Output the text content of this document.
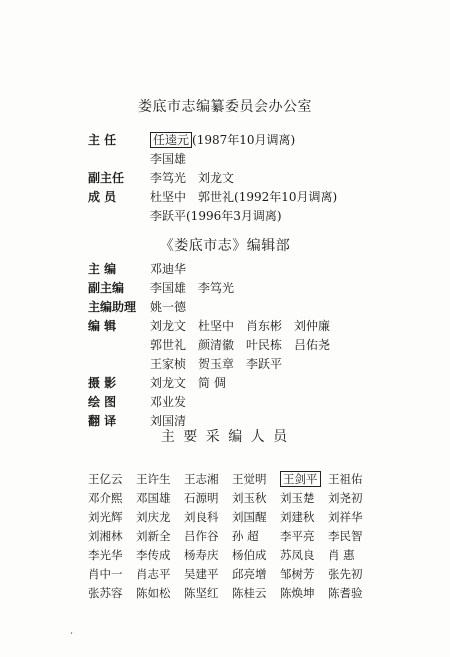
娄底市志编纂委员会办公室
主 任	任逵元 (1987年10月调离)
李国雄
副主任 李笃光 刘龙文
成 员	杜坚中 郭世礼(1992年10月调离)
李跃平(1996年3月调离)
《娄底市志》编辑部
主 编	邓迪华
副主编 李国雄 李笃光
主编助理 姚一德
编 辑	刘龙文 杜坚中 肖东彬 刘仲廉
郭世礼 颜清徽 叶民栋 吕佑尧
王家桢 贺玉章 李跃平
摄 影	刘龙文 简 倜
绘 图	邓业发
翻 译	刘国清
主 要 采 编 人 员
王亿云	王许生	王志湘	王觉明	王剑平 王祖佑
邓介熙	邓国雄	石源明	刘玉秋	刘玉楚	刘尧初
刘光辉	刘庆龙	刘良科	刘国醒	刘建秋	刘祥华
刘湘林	刘新全	吕作谷	孙 超	李平亮	李民智
李光华	李传成	杨寿庆	杨伯成	苏凤良	肖 惠
肖中一	肖志平	吴建平	邱亮增	邹树芳	张先初
张苏容	陈如松	陈坚红	陈桂云	陈焕坤	陈耆验
،
